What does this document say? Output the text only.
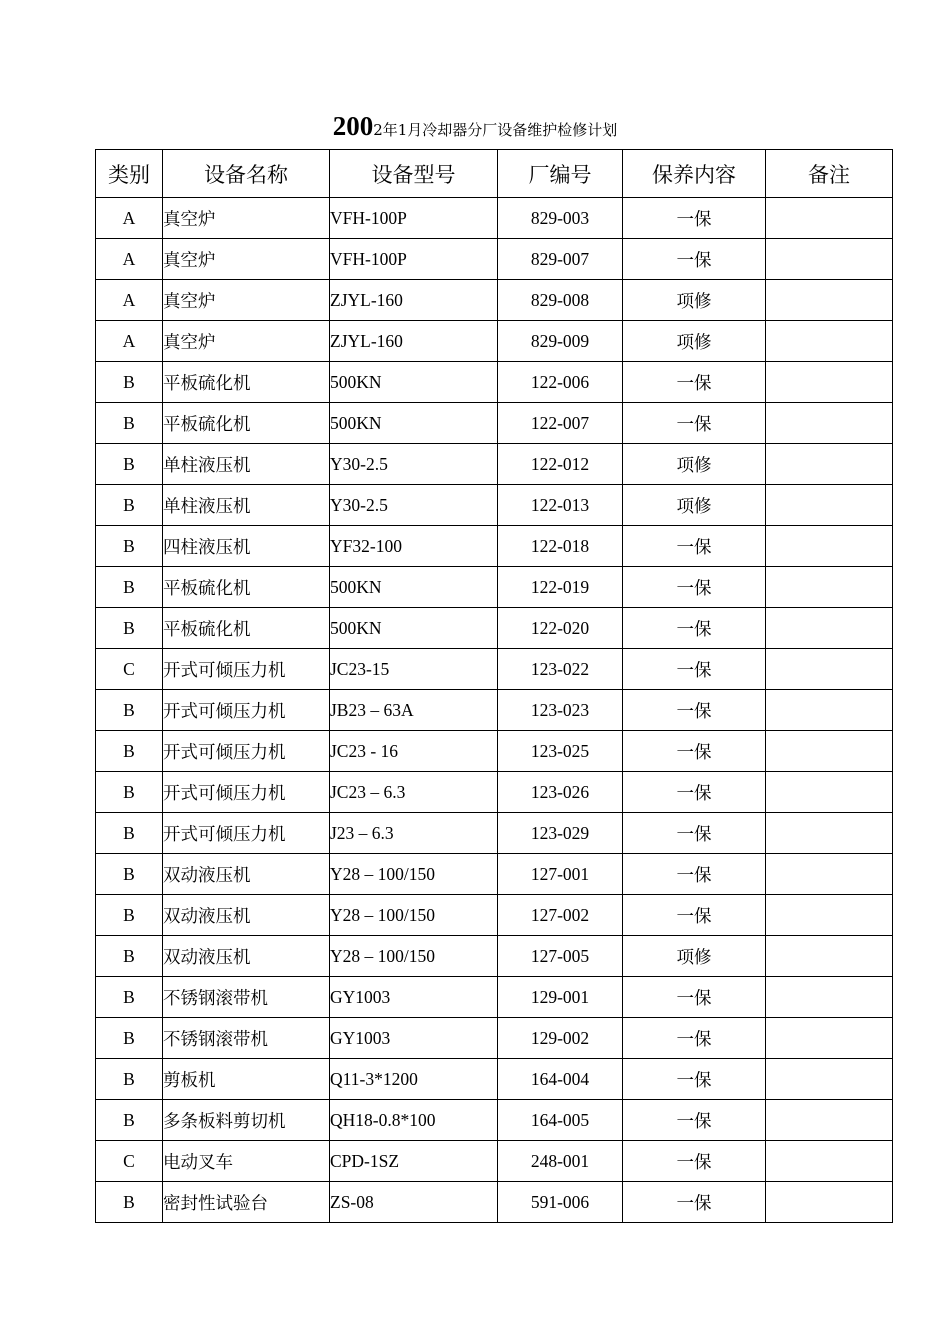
2002年1月冷却器分厂设备维护检修计划
类别	设备名称	设备型号	厂编号	保养内容	备注
A	真空炉	VFH-100P	829-003	一保	
A	真空炉	VFH-100P	829-007	一保	
A	真空炉	ZJYL-160	829-008	项修	
A	真空炉	ZJYL-160	829-009	项修	
B	平板硫化机	500KN	122-006	一保	
B	平板硫化机	500KN	122-007	一保	
B	单柱液压机	Y30-2.5	122-012	项修	
B	单柱液压机	Y30-2.5	122-013	项修	
B	四柱液压机	YF32-100	122-018	一保	
B	平板硫化机	500KN	122-019	一保	
B	平板硫化机	500KN	122-020	一保	
C	开式可倾压力机	JC23-15	123-022	一保	
B	开式可倾压力机	JB23 – 63A	123-023	一保	
B	开式可倾压力机	JC23 - 16	123-025	一保	
B	开式可倾压力机	JC23 – 6.3	123-026	一保	
B	开式可倾压力机	J23 – 6.3	123-029	一保	
B	双动液压机	Y28 – 100/150	127-001	一保	
B	双动液压机	Y28 – 100/150	127-002	一保	
B	双动液压机	Y28 – 100/150	127-005	项修	
B	不锈钢滚带机	GY1003	129-001	一保	
B	不锈钢滚带机	GY1003	129-002	一保	
B	剪板机	Q11-3*1200	164-004	一保	
B	多条板料剪切机	QH18-0.8*100	164-005	一保	
C	电动叉车	CPD-1SZ	248-001	一保	
B	密封性试验台	ZS-08	591-006	一保	
